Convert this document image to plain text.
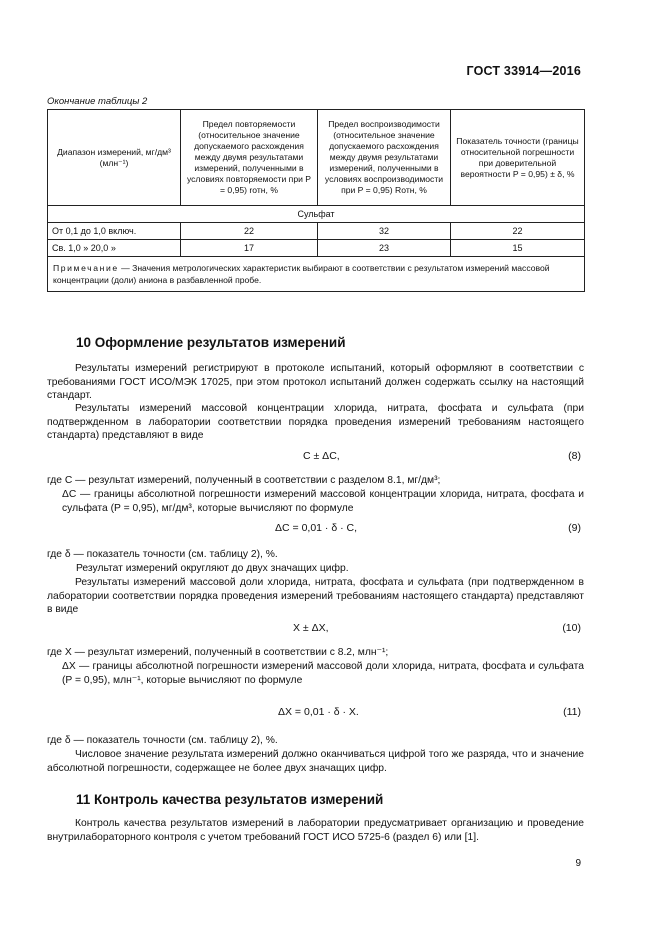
ГОСТ 33914—2016
Окончание таблицы 2
Диапазон измерений, мг/дм³ (млн⁻¹)	Предел повторяемости (относительное значение допускаемого расхождения между двумя результатами измерений, полученными в условиях повторяемости при P = 0,95) rотн, %	Предел воспроизводимости (относительное значение допускаемого расхождения между двумя результатами измерений, полученными в условиях воспроизводимости при P = 0,95) Rотн, %	Показатель точности (границы относительной погрешности при доверительной вероятности P = 0,95) ± δ, %
Сульфат			
От 0,1 до 1,0 включ.	22	32	22
Св. 1,0 » 20,0 »	17	23	15
Примечание — Значения метрологических характеристик выбирают в соответствии с результатом измерений массовой концентрации (доли) аниона в разбавленной пробе.			
10 Оформление результатов измерений
Результаты измерений регистрируют в протоколе испытаний, который оформляют в соответствии с требованиями ГОСТ ИСО/МЭК 17025, при этом протокол испытаний должен содержать ссылку на настоящий стандарт.
Результаты измерений массовой концентрации хлорида, нитрата, фосфата и сульфата (при подтвержденном в лаборатории соответствии порядка проведения измерений требованиям настоящего стандарта) представляют в виде
C ± ΔC,	(8)
где C — результат измерений, полученный в соответствии с разделом 8.1, мг/дм³;
ΔC — границы абсолютной погрешности измерений массовой концентрации хлорида, нитрата, фосфата и сульфата (P = 0,95), мг/дм³, которые вычисляют по формуле
ΔC = 0,01 · δ · C,	(9)
где δ — показатель точности (см. таблицу 2), %.
Результат измерений округляют до двух значащих цифр.
Результаты измерений массовой доли хлорида, нитрата, фосфата и сульфата (при подтвержденном в лаборатории соответствии порядка проведения измерений требованиям настоящего стандарта) представляют в виде
X ± ΔX,	(10)
где X — результат измерений, полученный в соответствии с 8.2, млн⁻¹;
ΔX — границы абсолютной погрешности измерений массовой доли хлорида, нитрата, фосфата и сульфата (P = 0,95), млн⁻¹, которые вычисляют по формуле
ΔX = 0,01 · δ · X.	(11)
где δ — показатель точности (см. таблицу 2), %.
Числовое значение результата измерений должно оканчиваться цифрой того же разряда, что и значение абсолютной погрешности, содержащее не более двух значащих цифр.
11 Контроль качества результатов измерений
Контроль качества результатов измерений в лаборатории предусматривает организацию и проведение внутрилабораторного контроля с учетом требований ГОСТ ИСО 5725-6 (раздел 6) или [1].
9
